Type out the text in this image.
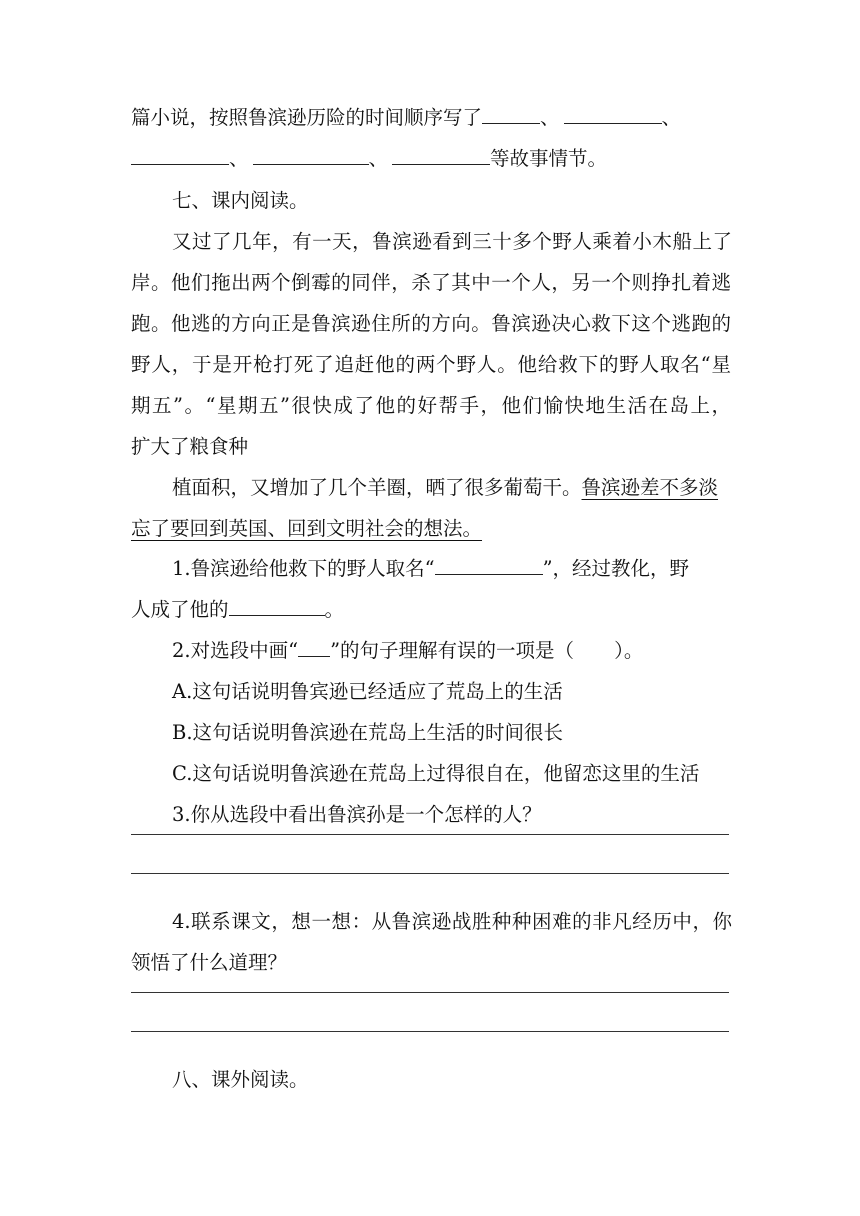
篇小说，按照鲁滨逊历险的时间顺序写了	、	、
、	、	等故事情节。
七、课内阅读。
又过了几年，有一天，鲁滨逊看到三十多个野人乘着小木船上了
岸。他们拖出两个倒霉的同伴，杀了其中一个人，另一个则挣扎着逃
跑。他逃的方向正是鲁滨逊住所的方向。鲁滨逊决心救下这个逃跑的
野人，于是开枪打死了追赶他的两个野人。他给救下的野人取名“星
期五”。“星期五”很快成了他的好帮手，他们愉快地生活在岛上，
扩大了粮食种
植面积，又增加了几个羊圈，晒了很多葡萄干。鲁滨逊差不多淡
忘了要回到英国、回到文明社会的想法。
1.鲁滨逊给他救下的野人取名“	”，经过教化，野
人成了他的	。
2.对选段中画“ ”的句子理解有误的一项是（ ）。
A.这句话说明鲁宾逊已经适应了荒岛上的生活
B.这句话说明鲁滨逊在荒岛上生活的时间很长
C.这句话说明鲁滨逊在荒岛上过得很自在，他留恋这里的生活
3.你从选段中看出鲁滨孙是一个怎样的人？
4.联系课文，想一想：从鲁滨逊战胜种种困难的非凡经历中，你
领悟了什么道理？
八、课外阅读。
